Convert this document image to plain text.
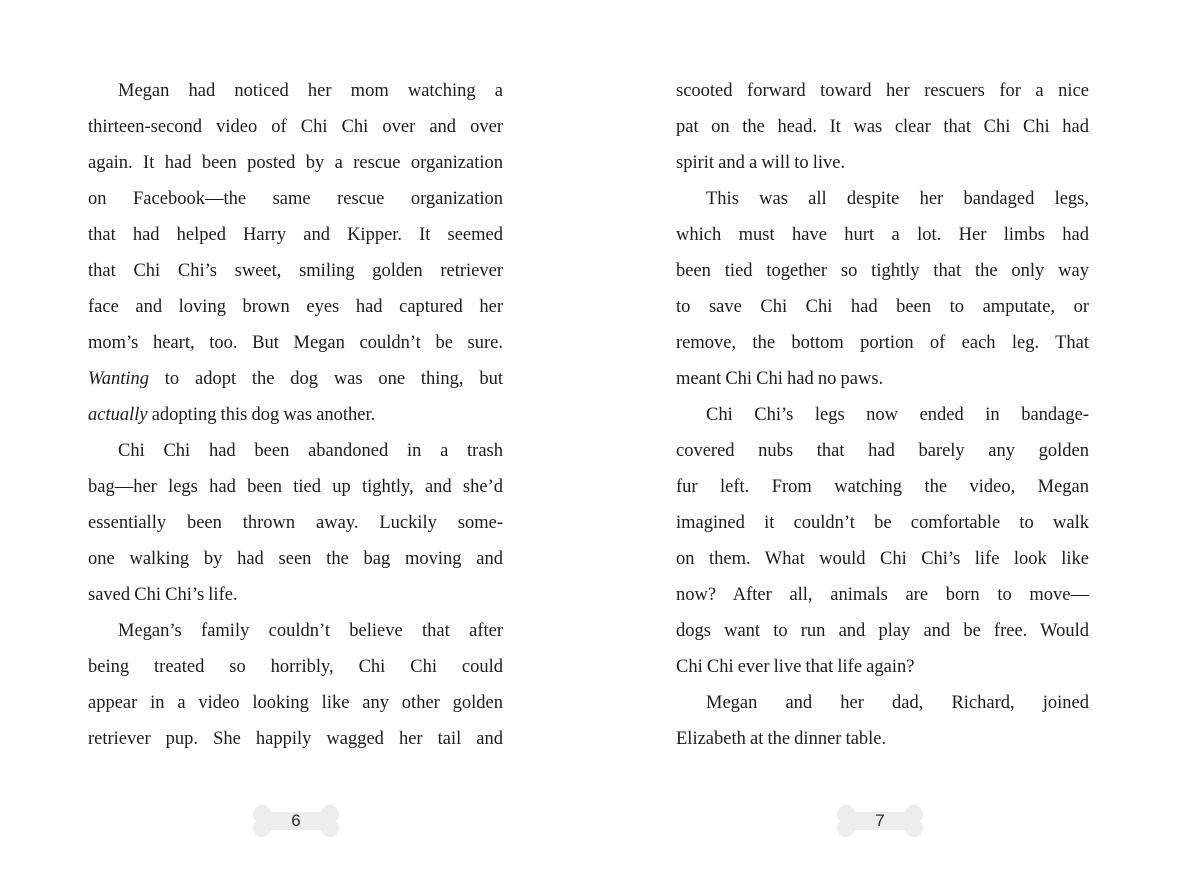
Megan had noticed her mom watching a
thirteen-second video of Chi Chi over and over
again. It had been posted by a rescue organization
on Facebook—the same rescue organization
that had helped Harry and Kipper. It seemed
that Chi Chi’s sweet, smiling golden retriever
face and loving brown eyes had captured her
mom’s heart, too. But Megan couldn’t be sure.
Wanting to adopt the dog was one thing, but
actually adopting this dog was another.
Chi Chi had been abandoned in a trash
bag—her legs had been tied up tightly, and she’d
essentially been thrown away. Luckily some-
one walking by had seen the bag moving and
saved Chi Chi’s life.
Megan’s family couldn’t believe that after
being treated so horribly, Chi Chi could
appear in a video looking like any other golden
retriever pup. She happily wagged her tail and
scooted forward toward her rescuers for a nice
pat on the head. It was clear that Chi Chi had
spirit and a will to live.
This was all despite her bandaged legs,
which must have hurt a lot. Her limbs had
been tied together so tightly that the only way
to save Chi Chi had been to amputate, or
remove, the bottom portion of each leg. That
meant Chi Chi had no paws.
Chi Chi’s legs now ended in bandage-
covered nubs that had barely any golden
fur left. From watching the video, Megan
imagined it couldn’t be comfortable to walk
on them. What would Chi Chi’s life look like
now? After all, animals are born to move—
dogs want to run and play and be free. Would
Chi Chi ever live that life again?
Megan and her dad, Richard, joined
Elizabeth at the dinner table.
6	7
